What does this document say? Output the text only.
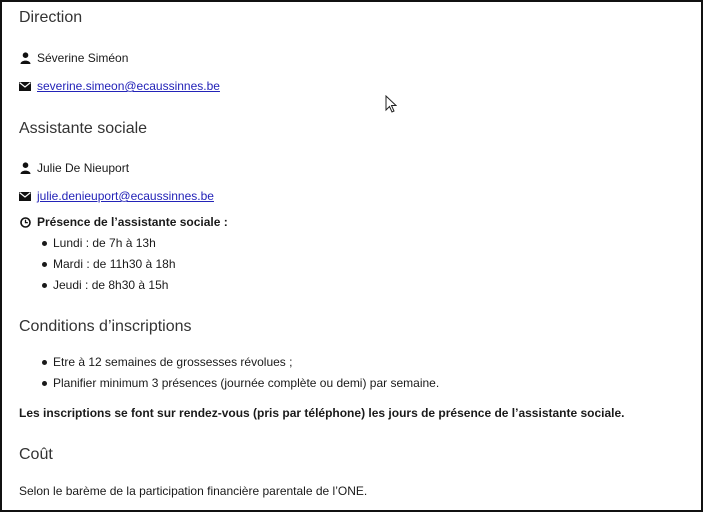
Direction
Séverine Siméon
severine.simeon@ecaussinnes.be
Assistante sociale
Julie De Nieuport
julie.denieuport@ecaussinnes.be
Présence de l’assistante sociale :
Lundi : de 7h à 13h
Mardi : de 11h30 à 18h
Jeudi : de 8h30 à 15h
Conditions d’inscriptions
Etre à 12 semaines de grossesses révolues ;
Planifier minimum 3 présences (journée complète ou demi) par semaine.
Les inscriptions se font sur rendez-vous (pris par téléphone) les jours de présence de l’assistante sociale.
Coût
Selon le barème de la participation financière parentale de l’ONE.
